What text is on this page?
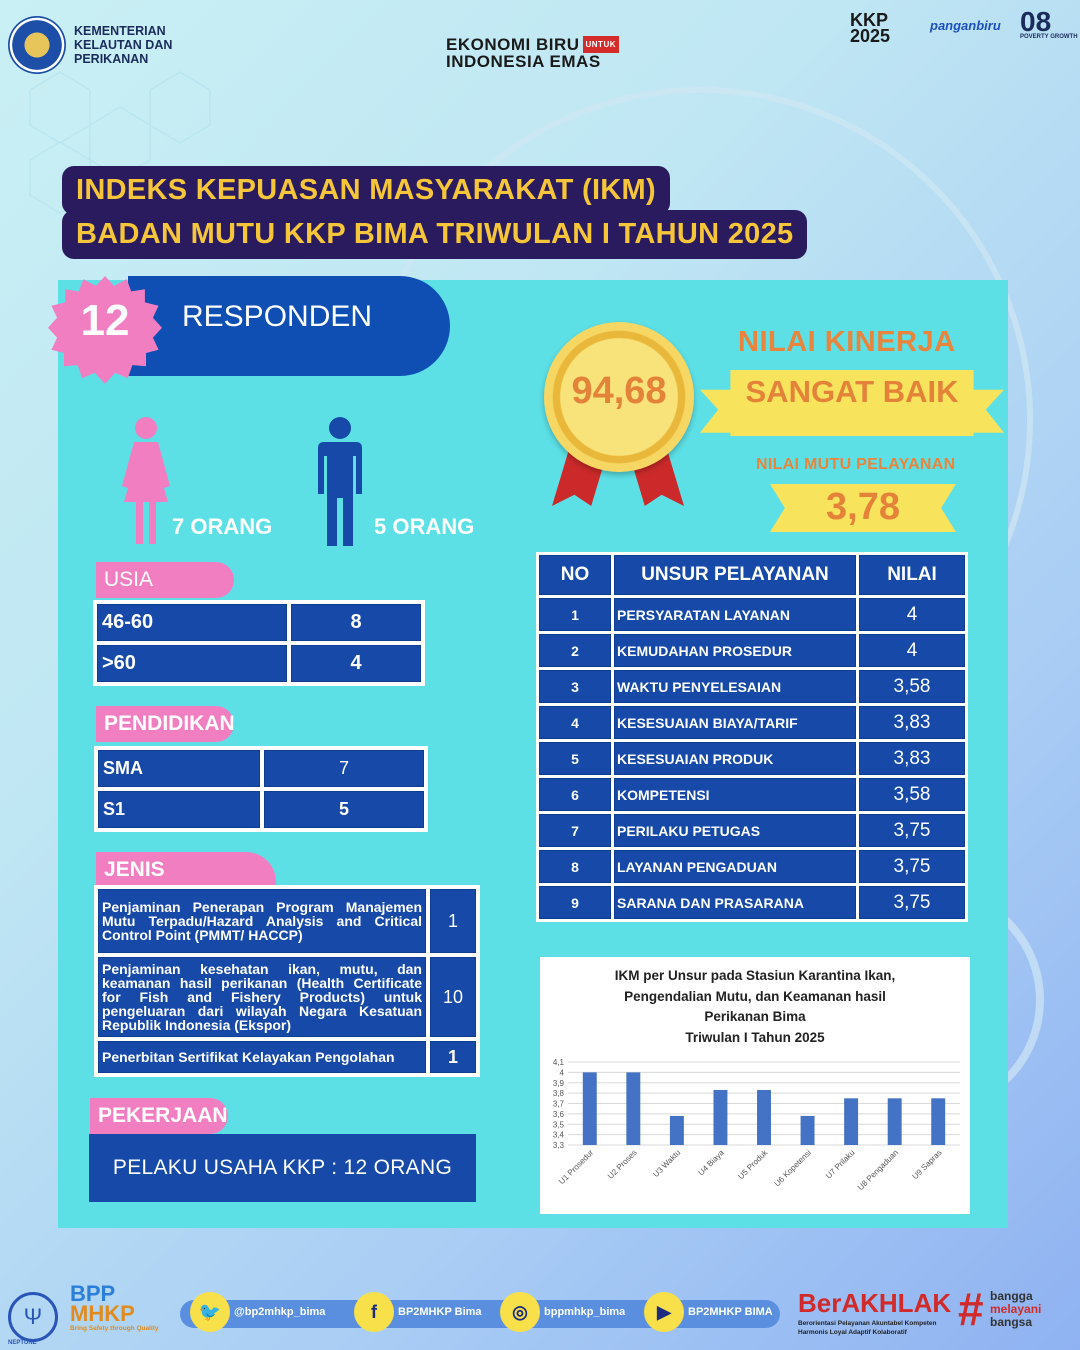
KEMENTERIAN
KELAUTAN DAN
PERIKANAN
EKONOMI BIRU UNTUK
INDONESIA EMAS
KKP
2025
panganbiru 08
POVERTY GROWTH
INDEKS KEPUASAN MASYARAKAT (IKM)
BADAN MUTU KKP BIMA TRIWULAN I TAHUN 2025
RESPONDEN
12
7 ORANG	5 ORANG
USIA
46-60	8
>60	4
PENDIDIKAN
SMA	7
S1	5
JENIS
Penjaminan Penerapan Program Manajemen Mutu Terpadu/Hazard Analysis and Critical Control Point (PMMT/ HACCP)	1
Penjaminan kesehatan ikan, mutu, dan keamanan hasil perikanan (Health Certificate for Fish and Fishery Products) untuk pengeluaran dari wilayah Negara Kesatuan Republik Indonesia (Ekspor)	10
Penerbitan Sertifikat Kelayakan Pengolahan	1
PEKERJAAN
PELAKU USAHA KKP : 12 ORANG
94,68
NILAI KINERJA
SANGAT BAIK
NILAI MUTU PELAYANAN
3,78
NO	UNSUR PELAYANAN	NILAI
1	PERSYARATAN LAYANAN	4
2	KEMUDAHAN PROSEDUR	4
3	WAKTU PENYELESAIAN	3,58
4	KESESUAIAN BIAYA/TARIF	3,83
5	KESESUAIAN PRODUK	3,83
6	KOMPETENSI	3,58
7	PERILAKU PETUGAS	3,75
8	LAYANAN PENGADUAN	3,75
9	SARANA DAN PRASARANA	3,75
IKM per Unsur pada Stasiun Karantina Ikan,
Pengendalian Mutu, dan Keamanan hasil
Perikanan Bima
Triwulan I Tahun 2025
4,1
4
3,9
3,8
3,7
3,6
3,5
3,4
3,3
U1 Prosedur U2 Proses U3 Waktu U4 Biaya U5 Produk U6 Kopetensi U7 Prilaku U8 Pengaduan U9 Sapras
Ψ
NEPTUNE
BPP
MHKP
Bring Safety through Quality
🐦	@bp2mhkp_bima	f	BP2MHKP Bima	◎	bppmhkp_bima	▶	BP2MHKP BIMA BerAKHLAK
Berorientasi Pelayanan Akuntabel Kompeten
Harmonis Loyal Adaptif Kolaboratif	# bangga
melayani
bangsa
